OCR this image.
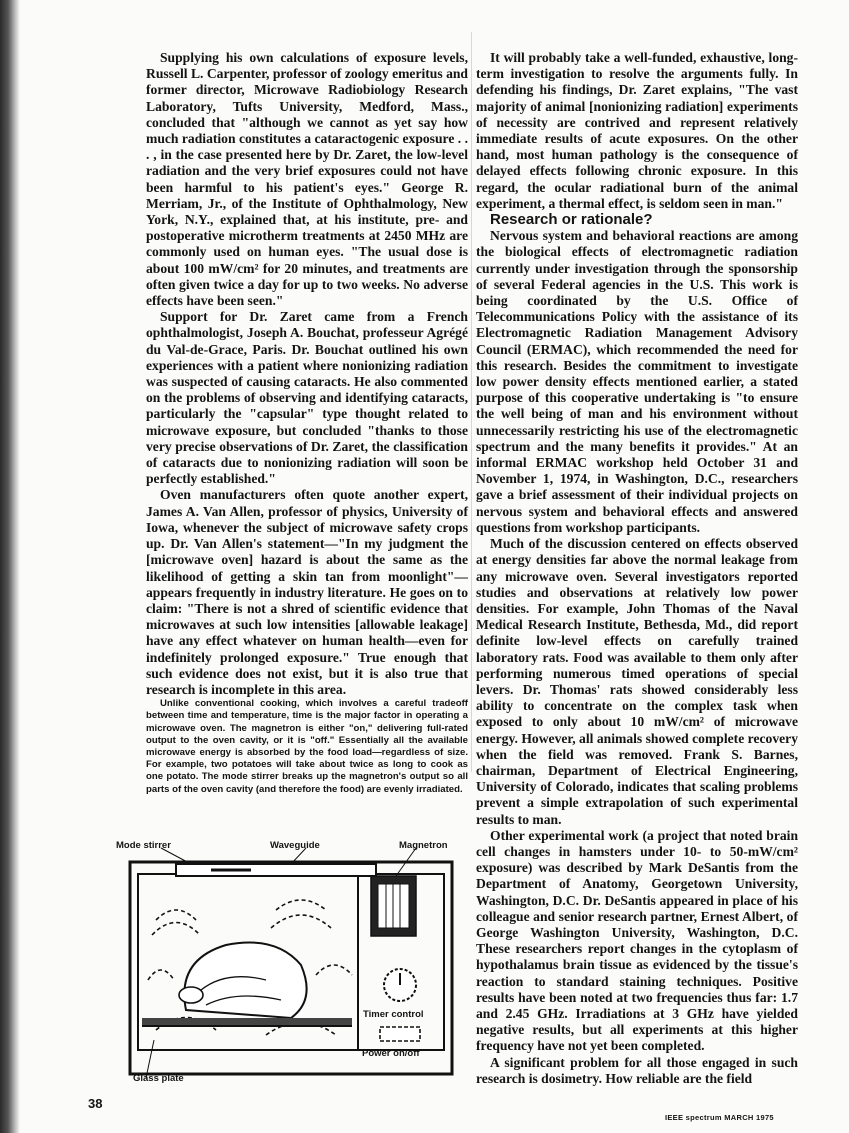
Supplying his own calculations of exposure levels, Russell L. Carpenter, professor of zoology emeritus and former director, Microwave Radiobiology Research Laboratory, Tufts University, Medford, Mass., concluded that "although we cannot as yet say how much radiation constitutes a cataractogenic exposure . . . , in the case presented here by Dr. Zaret, the low-level radiation and the very brief exposures could not have been harmful to his patient's eyes." George R. Merriam, Jr., of the Institute of Ophthalmology, New York, N.Y., explained that, at his institute, pre- and postoperative microtherm treatments at 2450 MHz are commonly used on human eyes. "The usual dose is about 100 mW/cm² for 20 minutes, and treatments are often given twice a day for up to two weeks. No adverse effects have been seen."

Support for Dr. Zaret came from a French ophthalmologist, Joseph A. Bouchat, professeur Agrégé du Val-de-Grace, Paris. Dr. Bouchat outlined his own experiences with a patient where nonionizing radiation was suspected of causing cataracts. He also commented on the problems of observing and identifying cataracts, particularly the "capsular" type thought related to microwave exposure, but concluded "thanks to those very precise observations of Dr. Zaret, the classification of cataracts due to nonionizing radiation will soon be perfectly established."

Oven manufacturers often quote another expert, James A. Van Allen, professor of physics, University of Iowa, whenever the subject of microwave safety crops up. Dr. Van Allen's statement—"In my judgment the [microwave oven] hazard is about the same as the likelihood of getting a skin tan from moonlight"—appears frequently in industry literature. He goes on to claim: "There is not a shred of scientific evidence that microwaves at such low intensities [allowable leakage] have any effect whatever on human health—even for indefinitely prolonged exposure." True enough that such evidence does not exist, but it is also true that research is incomplete in this area.

Unlike conventional cooking, which involves a careful tradeoff between time and temperature, time is the major factor in operating a microwave oven. The magnetron is either "on," delivering full-rated output to the oven cavity, or it is "off." Essentially all the available microwave energy is absorbed by the food load—regardless of size. For example, two potatoes will take about twice as long to cook as one potato. The mode stirrer breaks up the magnetron's output so all parts of the oven cavity (and therefore the food) are evenly irradiated.

Mode stirrer	Waveguide	Magnetron
Timer control
Power on/off
Glass plate

It will probably take a well-funded, exhaustive, long-term investigation to resolve the arguments fully. In defending his findings, Dr. Zaret explains, "The vast majority of animal [nonionizing radiation] experiments of necessity are contrived and represent relatively immediate results of acute exposures. On the other hand, most human pathology is the consequence of delayed effects following chronic exposure. In this regard, the ocular radiational burn of the animal experiment, a thermal effect, is seldom seen in man."

Research or rationale?

Nervous system and behavioral reactions are among the biological effects of electromagnetic radiation currently under investigation through the sponsorship of several Federal agencies in the U.S. This work is being coordinated by the U.S. Office of Telecommunications Policy with the assistance of its Electromagnetic Radiation Management Advisory Council (ERMAC), which recommended the need for this research. Besides the commitment to investigate low power density effects mentioned earlier, a stated purpose of this cooperative undertaking is "to ensure the well being of man and his environment without unnecessarily restricting his use of the electromagnetic spectrum and the many benefits it provides." At an informal ERMAC workshop held October 31 and November 1, 1974, in Washington, D.C., researchers gave a brief assessment of their individual projects on nervous system and behavioral effects and answered questions from workshop participants.

Much of the discussion centered on effects observed at energy densities far above the normal leakage from any microwave oven. Several investigators reported studies and observations at relatively low power densities. For example, John Thomas of the Naval Medical Research Institute, Bethesda, Md., did report definite low-level effects on carefully trained laboratory rats. Food was available to them only after performing numerous timed operations of special levers. Dr. Thomas' rats showed considerably less ability to concentrate on the complex task when exposed to only about 10 mW/cm² of microwave energy. However, all animals showed complete recovery when the field was removed. Frank S. Barnes, chairman, Department of Electrical Engineering, University of Colorado, indicates that scaling problems prevent a simple extrapolation of such experimental results to man.

Other experimental work (a project that noted brain cell changes in hamsters under 10- to 50-mW/cm² exposure) was described by Mark DeSantis from the Department of Anatomy, Georgetown University, Washington, D.C. Dr. DeSantis appeared in place of his colleague and senior research partner, Ernest Albert, of George Washington University, Washington, D.C. These researchers report changes in the cytoplasm of hypothalamus brain tissue as evidenced by the tissue's reaction to standard staining techniques. Positive results have been noted at two frequencies thus far: 1.7 and 2.45 GHz. Irradiations at 3 GHz have yielded negative results, but all experiments at this higher frequency have not yet been completed.

A significant problem for all those engaged in such research is dosimetry. How reliable are the field

38
IEEE spectrum MARCH 1975
